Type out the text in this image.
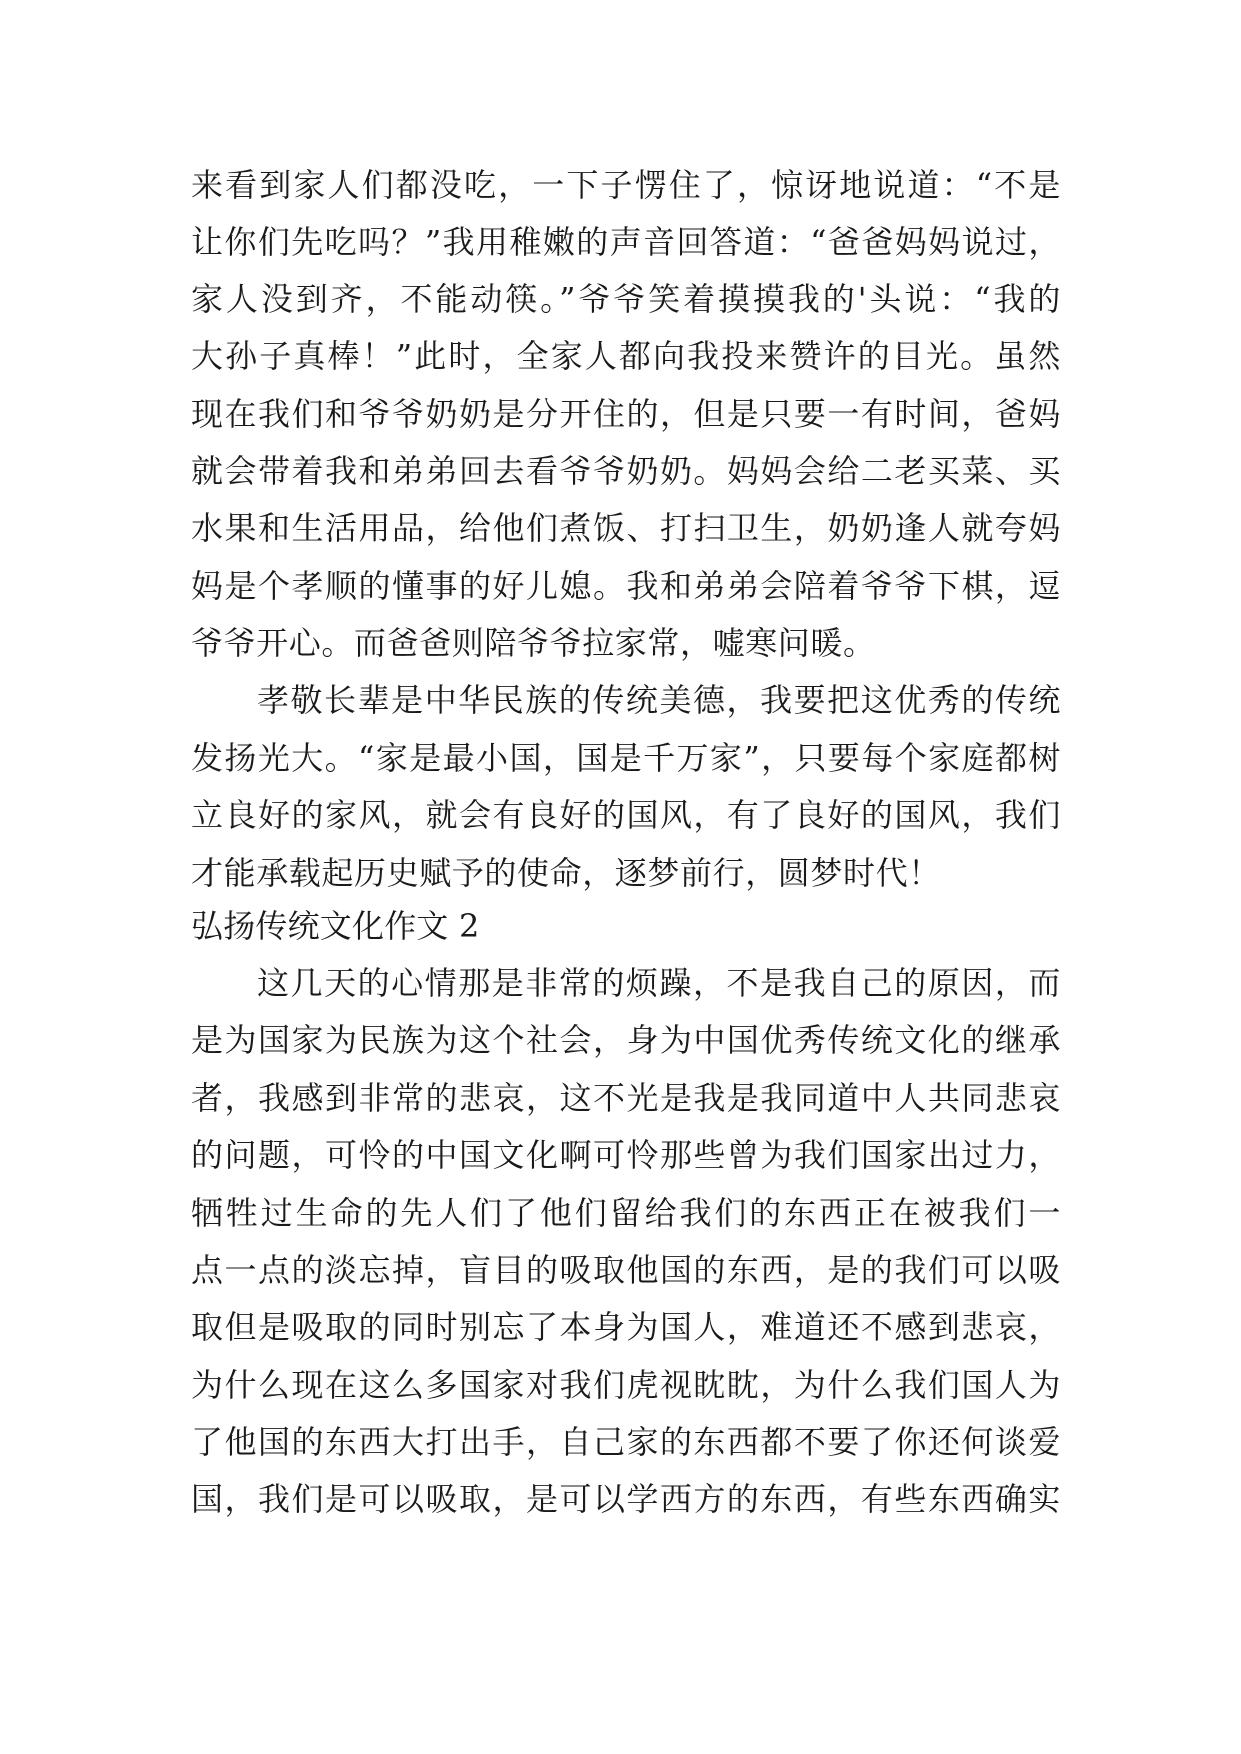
来看到家人们都没吃，一下子愣住了，惊讶地说道：“不是
让你们先吃吗？”我用稚嫩的声音回答道：“爸爸妈妈说过，
家人没到齐，不能动筷。”爷爷笑着摸摸我的'头说：“我的
大孙子真棒！”此时，全家人都向我投来赞许的目光。虽然
现在我们和爷爷奶奶是分开住的，但是只要一有时间，爸妈
就会带着我和弟弟回去看爷爷奶奶。妈妈会给二老买菜、买
水果和生活用品，给他们煮饭、打扫卫生，奶奶逢人就夸妈
妈是个孝顺的懂事的好儿媳。我和弟弟会陪着爷爷下棋，逗
爷爷开心。而爸爸则陪爷爷拉家常，嘘寒问暖。
孝敬长辈是中华民族的传统美德，我要把这优秀的传统
发扬光大。“家是最小国，国是千万家”，只要每个家庭都树
立良好的家风，就会有良好的国风，有了良好的国风，我们
才能承载起历史赋予的使命，逐梦前行，圆梦时代！
弘扬传统文化作文 2
这几天的心情那是非常的烦躁，不是我自己的原因，而
是为国家为民族为这个社会，身为中国优秀传统文化的继承
者，我感到非常的悲哀，这不光是我是我同道中人共同悲哀
的问题，可怜的中国文化啊可怜那些曾为我们国家出过力，
牺牲过生命的先人们了他们留给我们的东西正在被我们一
点一点的淡忘掉，盲目的吸取他国的东西，是的我们可以吸
取但是吸取的同时别忘了本身为国人，难道还不感到悲哀，
为什么现在这么多国家对我们虎视眈眈，为什么我们国人为
了他国的东西大打出手，自己家的东西都不要了你还何谈爱
国，我们是可以吸取，是可以学西方的东西，有些东西确实
